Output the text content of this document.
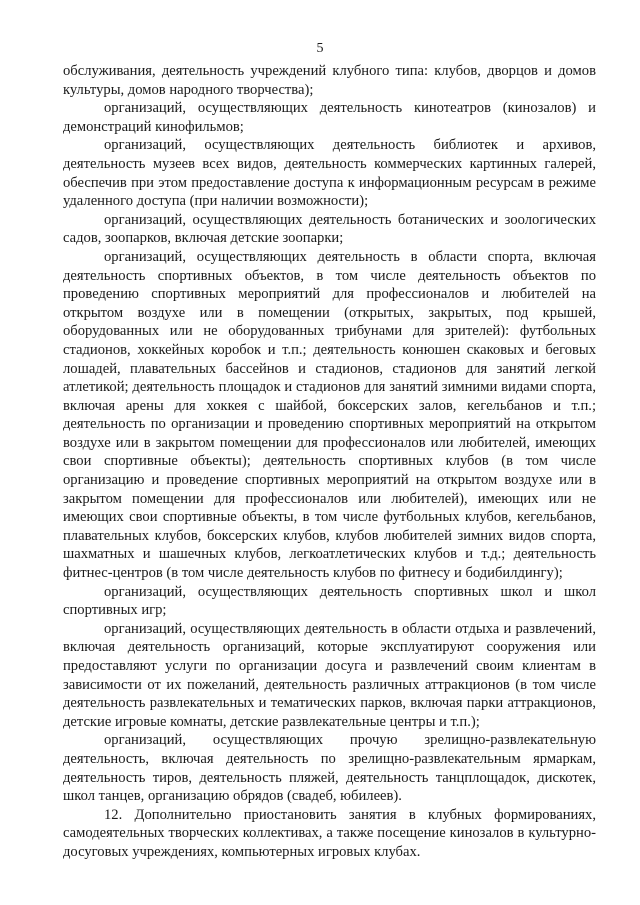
5

обслуживания, деятельность учреждений клубного типа: клубов, дворцов и домов культуры, домов народного творчества);

организаций, осуществляющих деятельность кинотеатров (кинозалов) и демонстраций кинофильмов;

организаций, осуществляющих деятельность библиотек и архивов, деятельность музеев всех видов, деятельность коммерческих картинных галерей, обеспечив при этом предоставление доступа к информационным ресурсам в режиме удаленного доступа (при наличии возможности);

организаций, осуществляющих деятельность ботанических и зоологических садов, зоопарков, включая детские зоопарки;

организаций, осуществляющих деятельность в области спорта, включая деятельность спортивных объектов, в том числе деятельность объектов по проведению спортивных мероприятий для профессионалов и любителей на открытом воздухе или в помещении (открытых, закрытых, под крышей, оборудованных или не оборудованных трибунами для зрителей): футбольных стадионов, хоккейных коробок и т.п.; деятельность конюшен скаковых и беговых лошадей, плавательных бассейнов и стадионов, стадионов для занятий легкой атлетикой; деятельность площадок и стадионов для занятий зимними видами спорта, включая арены для хоккея с шайбой, боксерских залов, кегельбанов и т.п.; деятельность по организации и проведению спортивных мероприятий на открытом воздухе или в закрытом помещении для профессионалов или любителей, имеющих свои спортивные объекты); деятельность спортивных клубов (в том числе организацию и проведение спортивных мероприятий на открытом воздухе или в закрытом помещении для профессионалов или любителей), имеющих или не имеющих свои спортивные объекты, в том числе футбольных клубов, кегельбанов, плавательных клубов, боксерских клубов, клубов любителей зимних видов спорта, шахматных и шашечных клубов, легкоатлетических клубов и т.д.; деятельность фитнес-центров (в том числе деятельность клубов по фитнесу и бодибилдингу);

организаций, осуществляющих деятельность спортивных школ и школ спортивных игр;

организаций, осуществляющих деятельность в области отдыха и развлечений, включая деятельность организаций, которые эксплуатируют сооружения или предоставляют услуги по организации досуга и развлечений своим клиентам в зависимости от их пожеланий, деятельность различных аттракционов (в том числе деятельность развлекательных и тематических парков, включая парки аттракционов, детские игровые комнаты, детские развлекательные центры и т.п.);

организаций, осуществляющих прочую зрелищно-развлекательную деятельность, включая деятельность по зрелищно-развлекательным ярмаркам, деятельность тиров, деятельность пляжей, деятельность танцплощадок, дискотек, школ танцев, организацию обрядов (свадеб, юбилеев).

12. Дополнительно приостановить занятия в клубных формированиях, самодеятельных творческих коллективах, а также посещение кинозалов в культурно-досуговых учреждениях, компьютерных игровых клубах.
